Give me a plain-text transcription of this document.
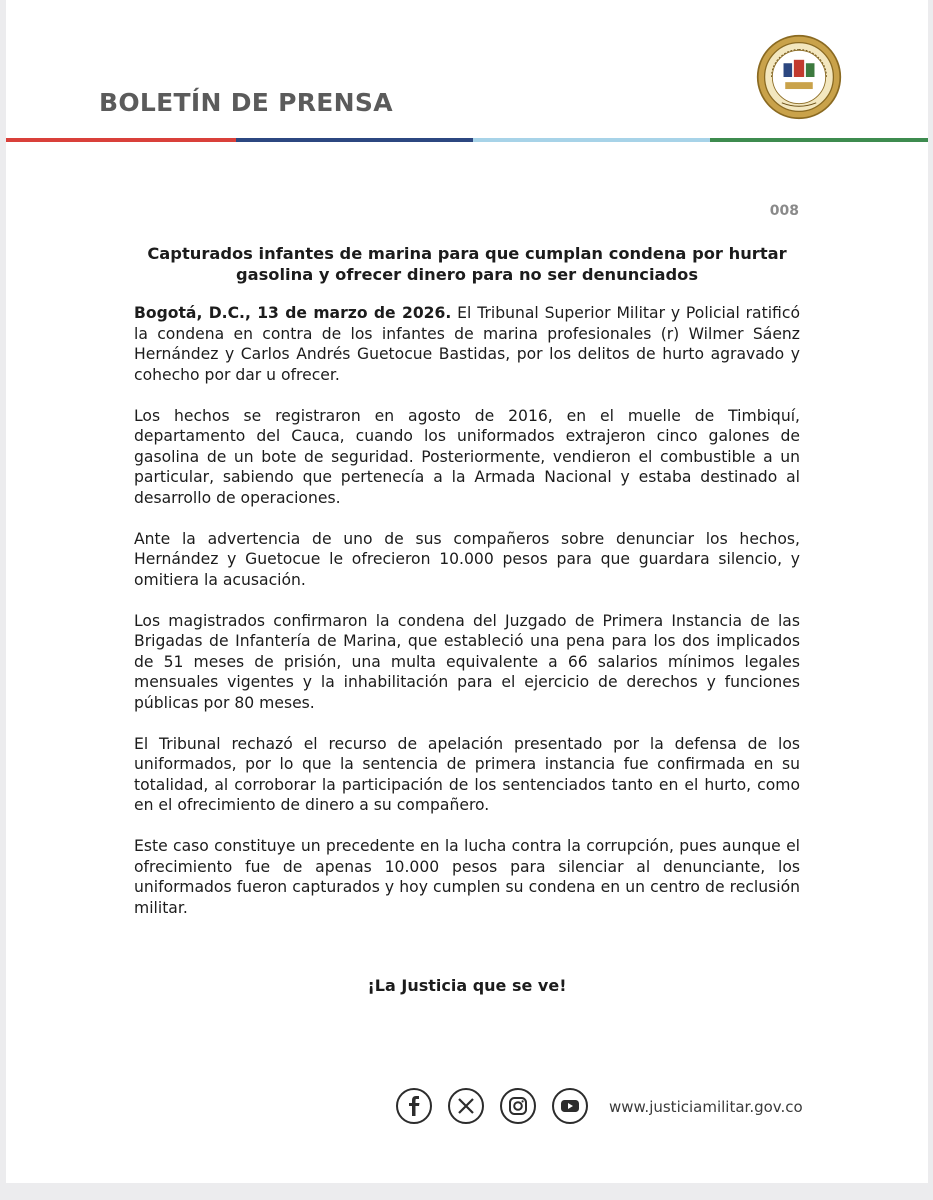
BOLETÍN DE PRENSA
008
Capturados infantes de marina para que cumplan condena por hurtar gasolina y ofrecer dinero para no ser denunciados

Bogotá, D.C., 13 de marzo de 2026. El Tribunal Superior Militar y Policial ratificó la condena en contra de los infantes de marina profesionales (r) Wilmer Sáenz Hernández y Carlos Andrés Guetocue Bastidas, por los delitos de hurto agravado y cohecho por dar u ofrecer.

Los hechos se registraron en agosto de 2016, en el muelle de Timbiquí, departamento del Cauca, cuando los uniformados extrajeron cinco galones de gasolina de un bote de seguridad. Posteriormente, vendieron el combustible a un particular, sabiendo que pertenecía a la Armada Nacional y estaba destinado al desarrollo de operaciones.

Ante la advertencia de uno de sus compañeros sobre denunciar los hechos, Hernández y Guetocue le ofrecieron 10.000 pesos para que guardara silencio, y omitiera la acusación.

Los magistrados confirmaron la condena del Juzgado de Primera Instancia de las Brigadas de Infantería de Marina, que estableció una pena para los dos implicados de 51 meses de prisión, una multa equivalente a 66 salarios mínimos legales mensuales vigentes y la inhabilitación para el ejercicio de derechos y funciones públicas por 80 meses.

El Tribunal rechazó el recurso de apelación presentado por la defensa de los uniformados, por lo que la sentencia de primera instancia fue confirmada en su totalidad, al corroborar la participación de los sentenciados tanto en el hurto, como en el ofrecimiento de dinero a su compañero.

Este caso constituye un precedente en la lucha contra la corrupción, pues aunque el ofrecimiento fue de apenas 10.000 pesos para silenciar al denunciante, los uniformados fueron capturados y hoy cumplen su condena en un centro de reclusión militar.

¡La Justicia que se ve!
www.justiciamilitar.gov.co
